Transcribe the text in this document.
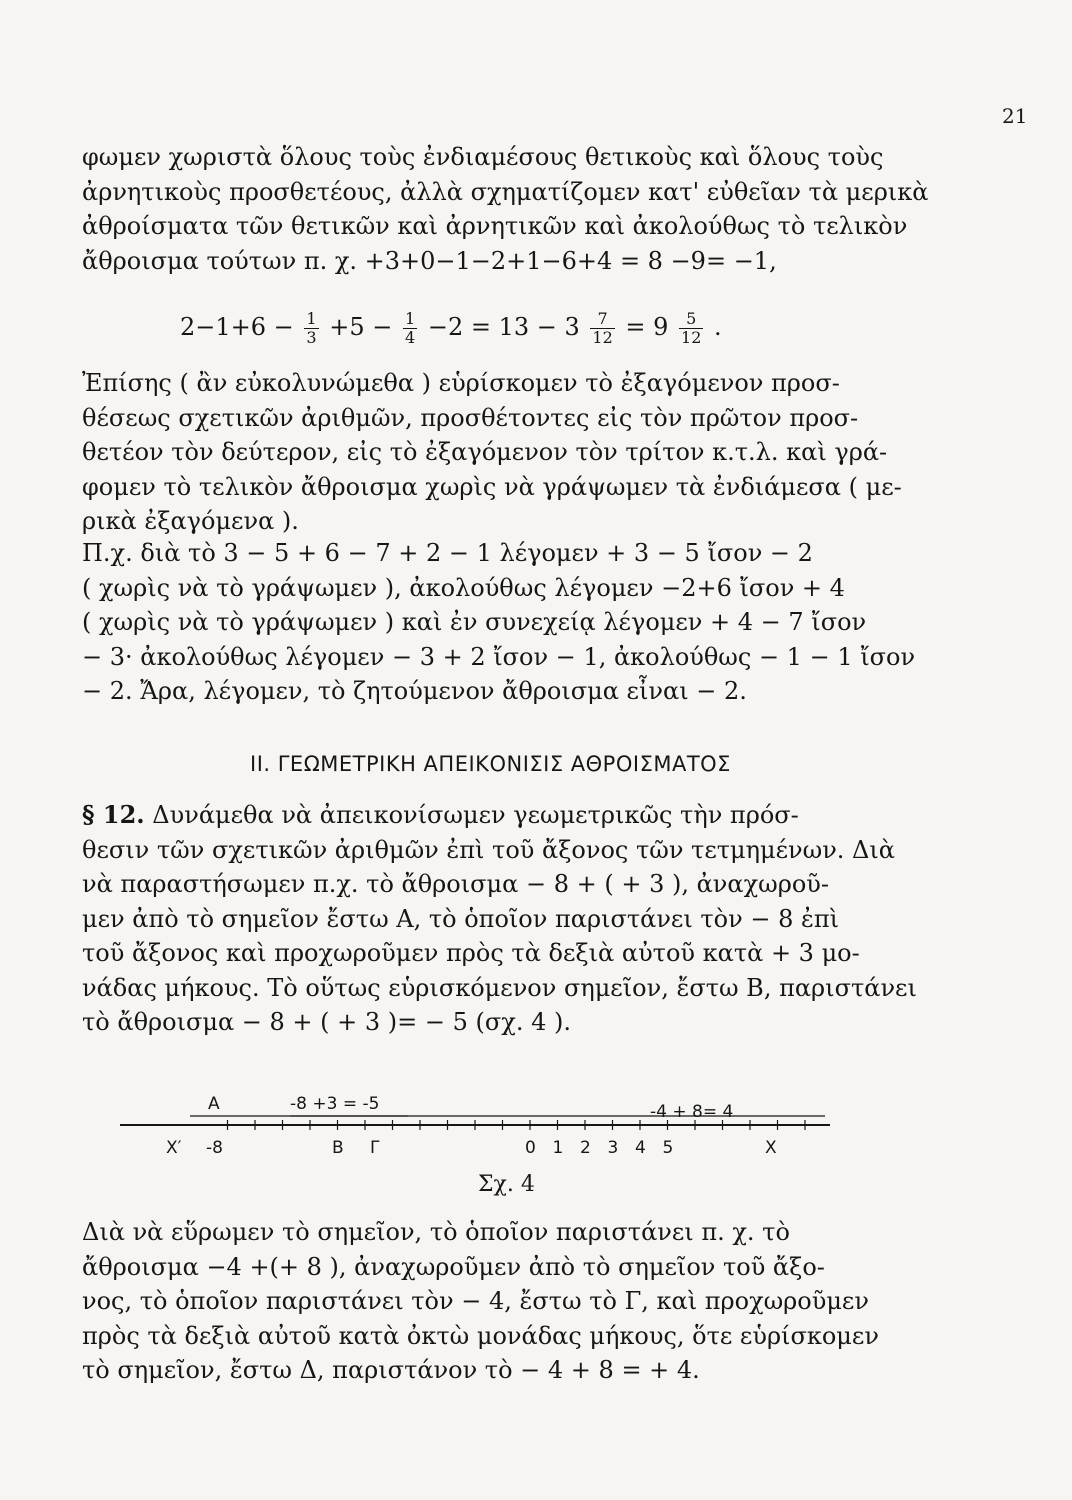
21

φωμεν χωριστὰ ὅλους τοὺς ἐνδιαμέσους θετικοὺς καὶ ὅλους τοὺς
ἀρνητικοὺς προσθετέους, ἀλλὰ σχηματίζομεν κατ' εὐθεῖαν τὰ μερικὰ
ἀθροίσματα τῶν θετικῶν καὶ ἀρνητικῶν καὶ ἀκολούθως τὸ τελικὸν
ἄθροισμα τούτων π. χ. +3+0−1−2+1−6+4 = 8 −9= −1,

$2-1+6 - \frac{1}{3} +5 - \frac{1}{4} -2 = 13 - 3 \frac{7}{12} = 9 \frac{5}{12}$ .

Ἐπίσης ( ἂν εὐκολυνώμεθα ) εὑρίσκομεν τὸ ἐξαγόμενον προσ-
θέσεως σχετικῶν ἀριθμῶν, προσθέτοντες εἰς τὸν πρῶτον προσ-
θετέον τὸν δεύτερον, εἰς τὸ ἐξαγόμενον τὸν τρίτον κ.τ.λ. καὶ γρά-
φομεν τὸ τελικὸν ἄθροισμα χωρὶς νὰ γράψωμεν τὰ ἐνδιάμεσα ( με-
ρικὰ ἐξαγόμενα ).

Π.χ. διὰ τὸ 3 − 5 + 6 − 7 + 2 − 1 λέγομεν + 3 − 5 ἴσον − 2
( χωρὶς νὰ τὸ γράψωμεν ), ἀκολούθως λέγομεν −2+6 ἴσον + 4
( χωρὶς νὰ τὸ γράψωμεν ) καὶ ἐν συνεχείᾳ λέγομεν + 4 − 7 ἴσον
− 3· ἀκολούθως λέγομεν − 3 + 2 ἴσον − 1, ἀκολούθως − 1 − 1 ἴσον
− 2. Ἄρα, λέγομεν, τὸ ζητούμενον ἄθροισμα εἶναι − 2.

II. ΓΕΩΜΕΤΡΙΚΗ ΑΠΕΙΚΟΝΙΣΙΣ ΑΘΡΟΙΣΜΑΤΟΣ

§ 12. Δυνάμεθα νὰ ἀπεικονίσωμεν γεωμετρικῶς τὴν πρόσ-
θεσιν τῶν σχετικῶν ἀριθμῶν ἐπὶ τοῦ ἄξονος τῶν τετμημένων. Διὰ
νὰ παραστήσωμεν π.χ. τὸ ἄθροισμα − 8 + ( + 3 ), ἀναχωροῦ-
μεν ἀπὸ τὸ σημεῖον ἔστω Α, τὸ ὁποῖον παριστάνει τὸν − 8 ἐπὶ
τοῦ ἄξονος καὶ προχωροῦμεν πρὸς τὰ δεξιὰ αὐτοῦ κατὰ + 3 μο-
νάδας μήκους. Τὸ οὕτως εὑρισκόμενον σημεῖον, ἔστω Β, παριστάνει
τὸ ἄθροισμα − 8 + ( + 3 )= − 5 (σχ. 4 ).

A	-8 +3 = -5	-4 + 8= 4
X′ -8	B Γ	0 1 2 3 4 5	X
Σχ. 4

Διὰ νὰ εὕρωμεν τὸ σημεῖον, τὸ ὁποῖον παριστάνει π. χ. τὸ
ἄθροισμα −4 +(+ 8 ), ἀναχωροῦμεν ἀπὸ τὸ σημεῖον τοῦ ἄξο-
νος, τὸ ὁποῖον παριστάνει τὸν − 4, ἔστω τὸ Γ, καὶ προχωροῦμεν
πρὸς τὰ δεξιὰ αὐτοῦ κατὰ ὀκτὼ μονάδας μήκους, ὅτε εὑρίσκομεν
τὸ σημεῖον, ἔστω Δ, παριστάνον τὸ − 4 + 8 = + 4.
